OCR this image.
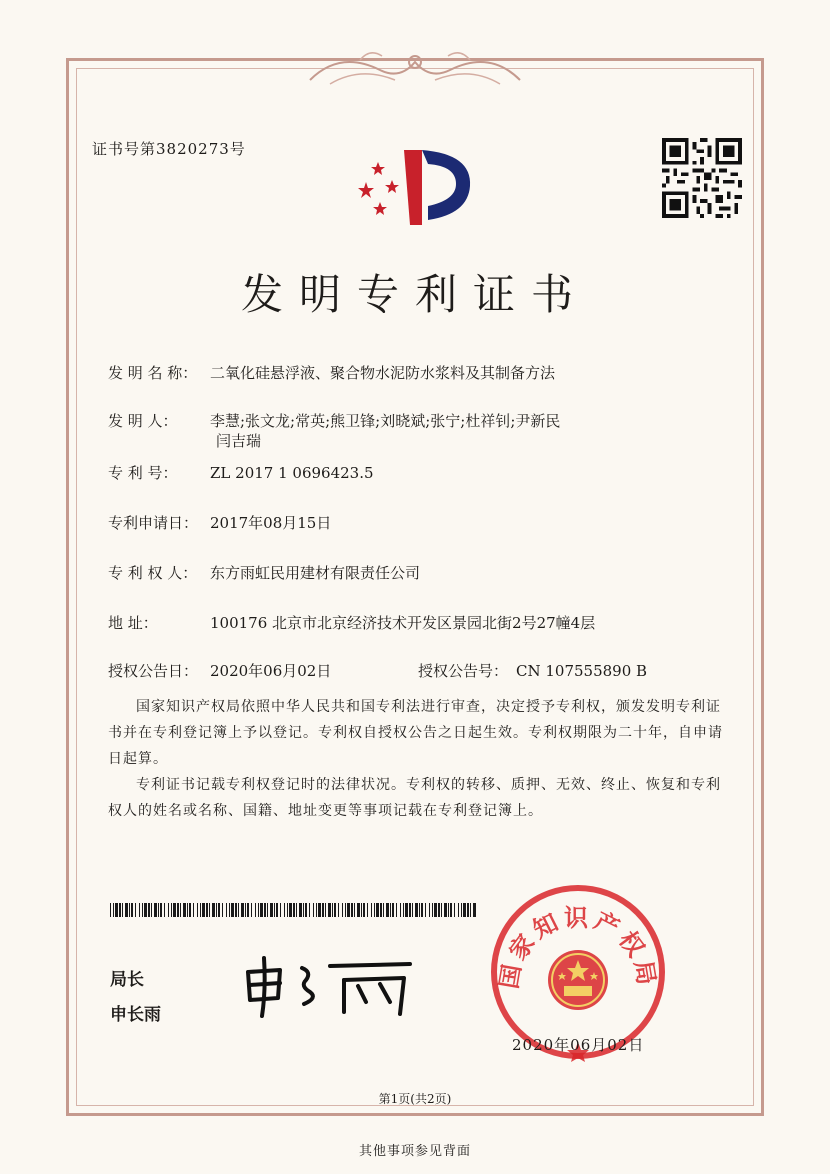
证书号第3820273号
发明专利证书
发 明 名 称： 二氧化硅悬浮液、聚合物水泥防水浆料及其制备方法
发 明 人： 李慧;张文龙;常英;熊卫锋;刘晓斌;张宁;杜祥钊;尹新民
闫吉瑞
专 利 号： ZL 2017 1 0696423.5
专利申请日： 2017年08月15日
专 利 权 人： 东方雨虹民用建材有限责任公司
地 址：	100176 北京市北京经济技术开发区景园北街2号27幢4层
授权公告日： 2020年06月02日	授权公告号： CN 107555890 B

国家知识产权局依照中华人民共和国专利法进行审查，决定授予专利权，颁发发明专利证书并在专利登记簿上予以登记。专利权自授权公告之日起生效。专利权期限为二十年，自申请日起算。

专利证书记载专利权登记时的法律状况。专利权的转移、质押、无效、终止、恢复和专利权人的姓名或名称、国籍、地址变更等事项记载在专利登记簿上。

局长
申长雨
国家知识产权局
2020年06月02日
第1页(共2页)
其他事项参见背面
